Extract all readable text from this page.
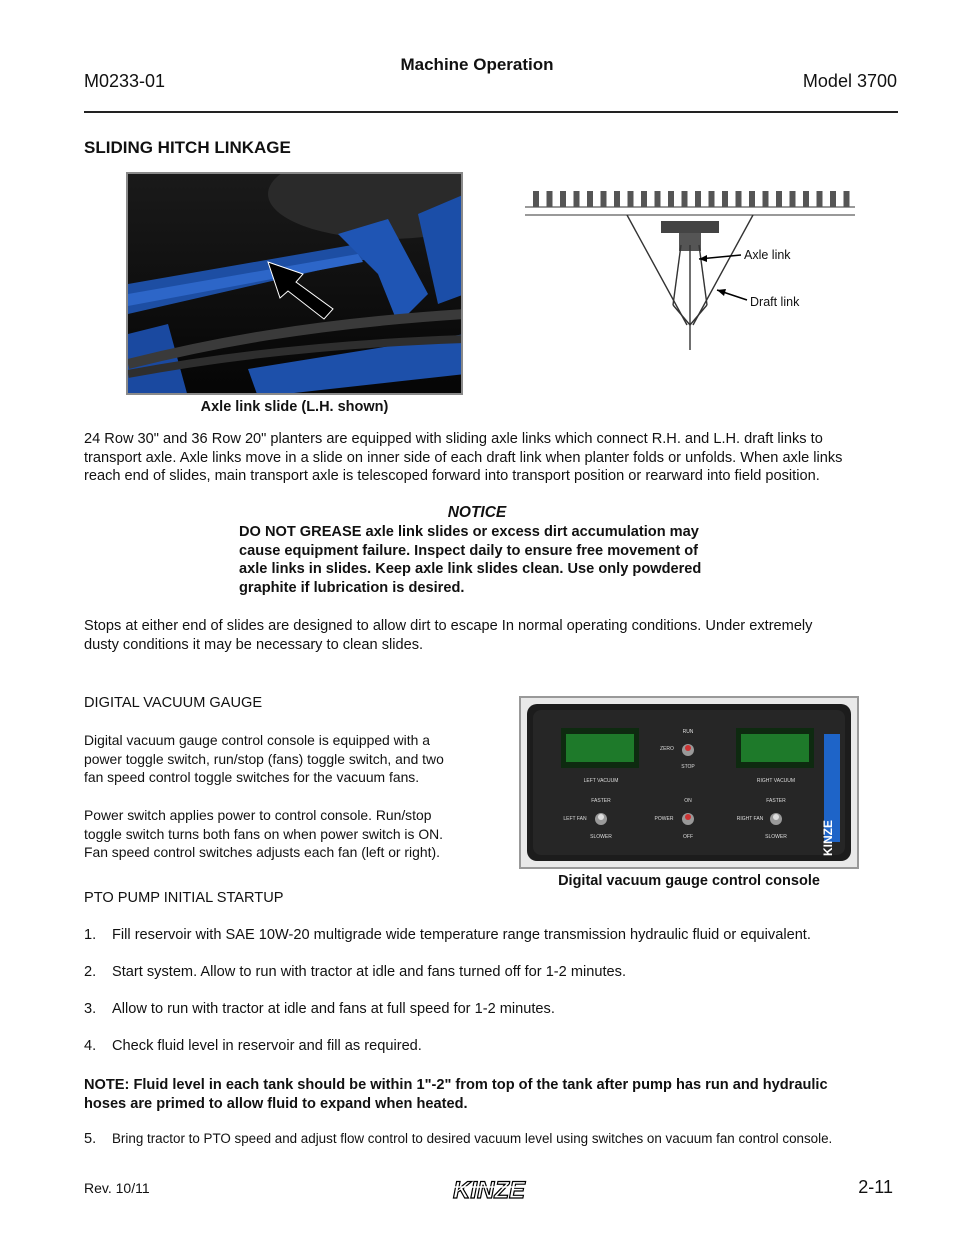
Machine Operation
M0233-01	Model 3700
SLIDING HITCH LINKAGE
Axle link slide (L.H. shown)
Axle link
Draft link
24 Row 30" and 36 Row 20" planters are equipped with sliding axle links which connect R.H. and L.H. draft links to
transport axle. Axle links move in a slide on inner side of each draft link when planter folds or unfolds. When axle links
reach end of slides, main transport axle is telescoped forward into transport position or rearward into field position.
NOTICE
DO NOT GREASE axle link slides or excess dirt accumulation may
cause equipment failure. Inspect daily to ensure free movement of
axle links in slides. Keep axle link slides clean. Use only powdered
graphite if lubrication is desired.
Stops at either end of slides are designed to allow dirt to escape In normal operating conditions. Under extremely
dusty conditions it may be necessary to clean slides.
DIGITAL VACUUM GAUGE
Digital vacuum gauge control console is equipped with a
power toggle switch, run/stop (fans) toggle switch, and two
fan speed control toggle switches for the vacuum fans.
Power switch applies power to control console. Run/stop
toggle switch turns both fans on when power switch is ON.
Fan speed control switches adjusts each fan (left or right).	KINZE
RUN
ZERO
STOP
LEFT VACUUM	RIGHT VACUUM
FASTER	FASTER
ON
LEFT FAN	RIGHT FAN
POWER
SLOWER	SLOWER
OFF
Digital vacuum gauge control console
PTO PUMP INITIAL STARTUP
1. Fill reservoir with SAE 10W-20 multigrade wide temperature range transmission hydraulic fluid or equivalent.
2. Start system. Allow to run with tractor at idle and fans turned off for 1-2 minutes.
3. Allow to run with tractor at idle and fans at full speed for 1-2 minutes.
4. Check fluid level in reservoir and fill as required.
NOTE: Fluid level in each tank should be within 1"-2" from top of the tank after pump has run and hydraulic
hoses are primed to allow fluid to expand when heated.
5. Bring tractor to PTO speed and adjust flow control to desired vacuum level using switches on vacuum fan control console.
Rev. 10/11	KINZE	2-11
